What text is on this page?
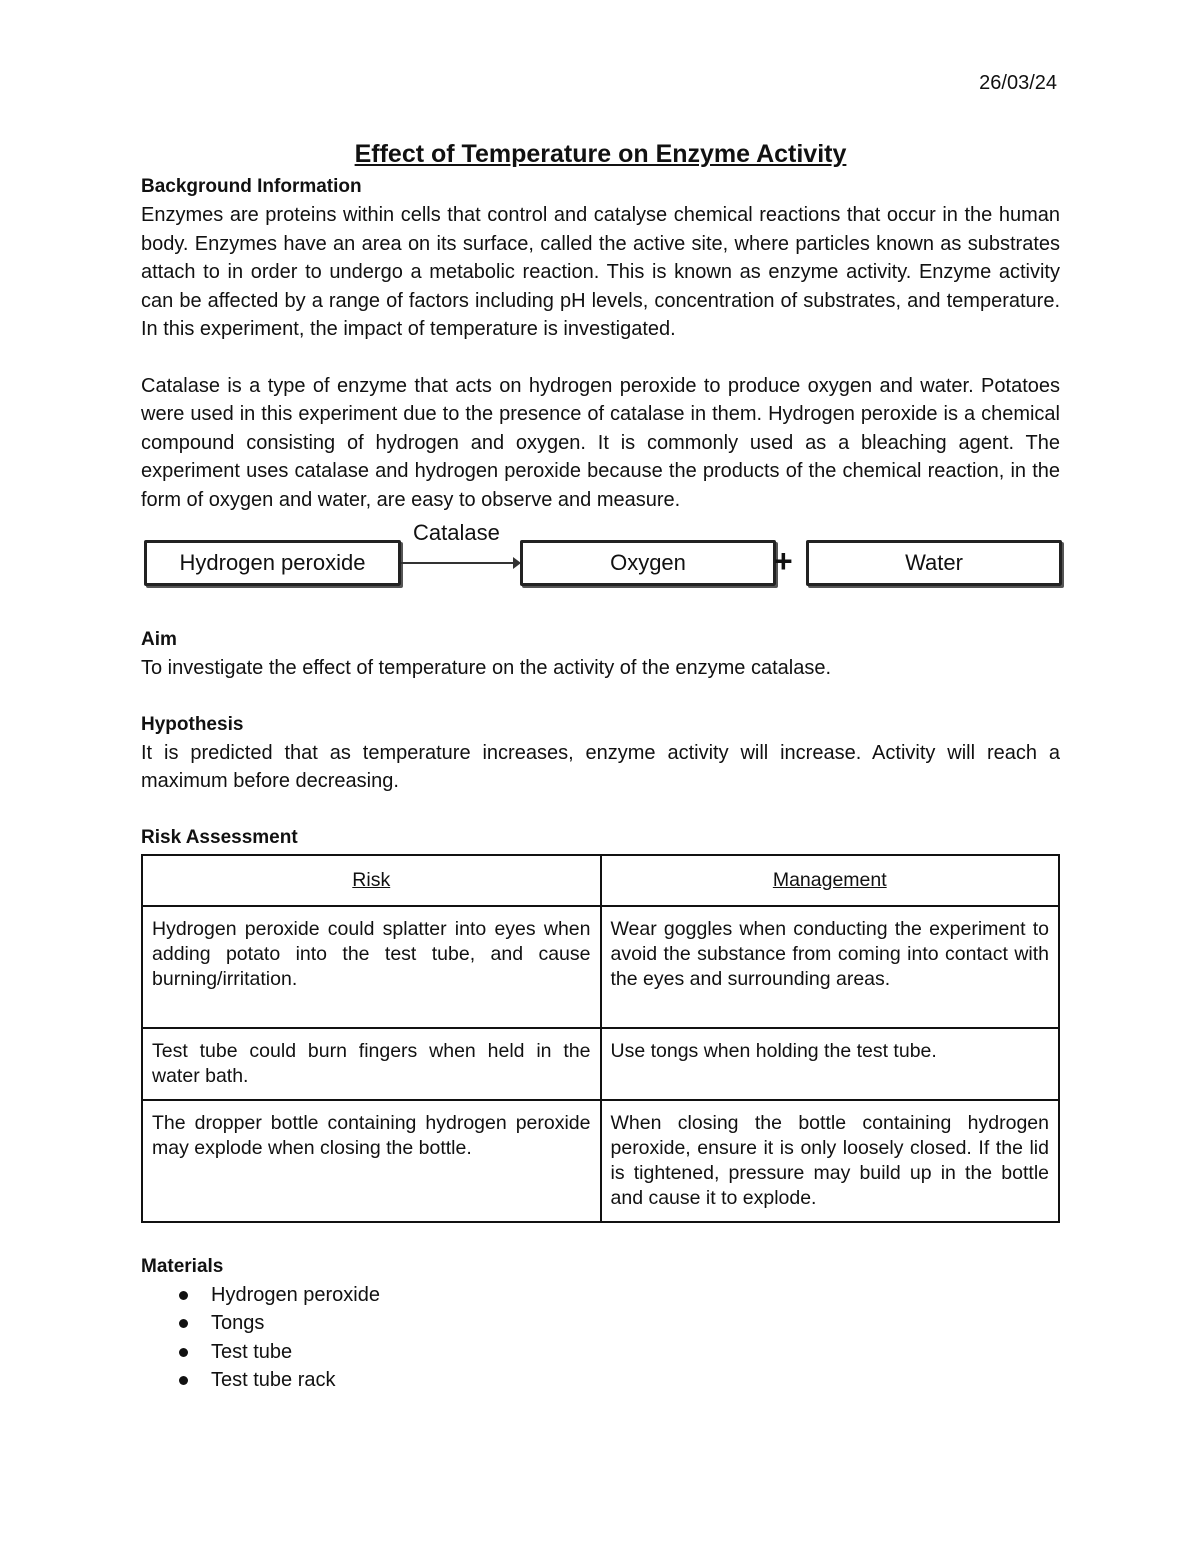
26/03/24
Effect of Temperature on Enzyme Activity
Background Information

Enzymes are proteins within cells that control and catalyse chemical reactions that occur in the human body. Enzymes have an area on its surface, called the active site, where particles known as substrates attach to in order to undergo a metabolic reaction. This is known as enzyme activity. Enzyme activity can be affected by a range of factors including pH levels, concentration of substrates, and temperature. In this experiment, the impact of temperature is investigated.

Catalase is a type of enzyme that acts on hydrogen peroxide to produce oxygen and water. Potatoes were used in this experiment due to the presence of catalase in them. Hydrogen peroxide is a chemical compound consisting of hydrogen and oxygen. It is commonly used as a bleaching agent. The experiment uses catalase and hydrogen peroxide because the products of the chemical reaction, in the form of oxygen and water, are easy to observe and measure.

Hydrogen peroxide
Catalase
Oxygen	+	Water
Aim

To investigate the effect of temperature on the activity of the enzyme catalase.

Hypothesis

It is predicted that as temperature increases, enzyme activity will increase. Activity will reach a maximum before decreasing.

Risk Assessment
Risk	Management
Hydrogen peroxide could splatter into eyes when adding potato into the test tube, and cause burning/irritation.	Wear goggles when conducting the experiment to avoid the substance from coming into contact with the eyes and surrounding areas.
Test tube could burn fingers when held in the water bath.	Use tongs when holding the test tube.
The dropper bottle containing hydrogen peroxide may explode when closing the bottle.	When closing the bottle containing hydrogen peroxide, ensure it is only loosely closed. If the lid is tightened, pressure may build up in the bottle and cause it to explode.
Materials
Hydrogen peroxide
Tongs
Test tube
Test tube rack
